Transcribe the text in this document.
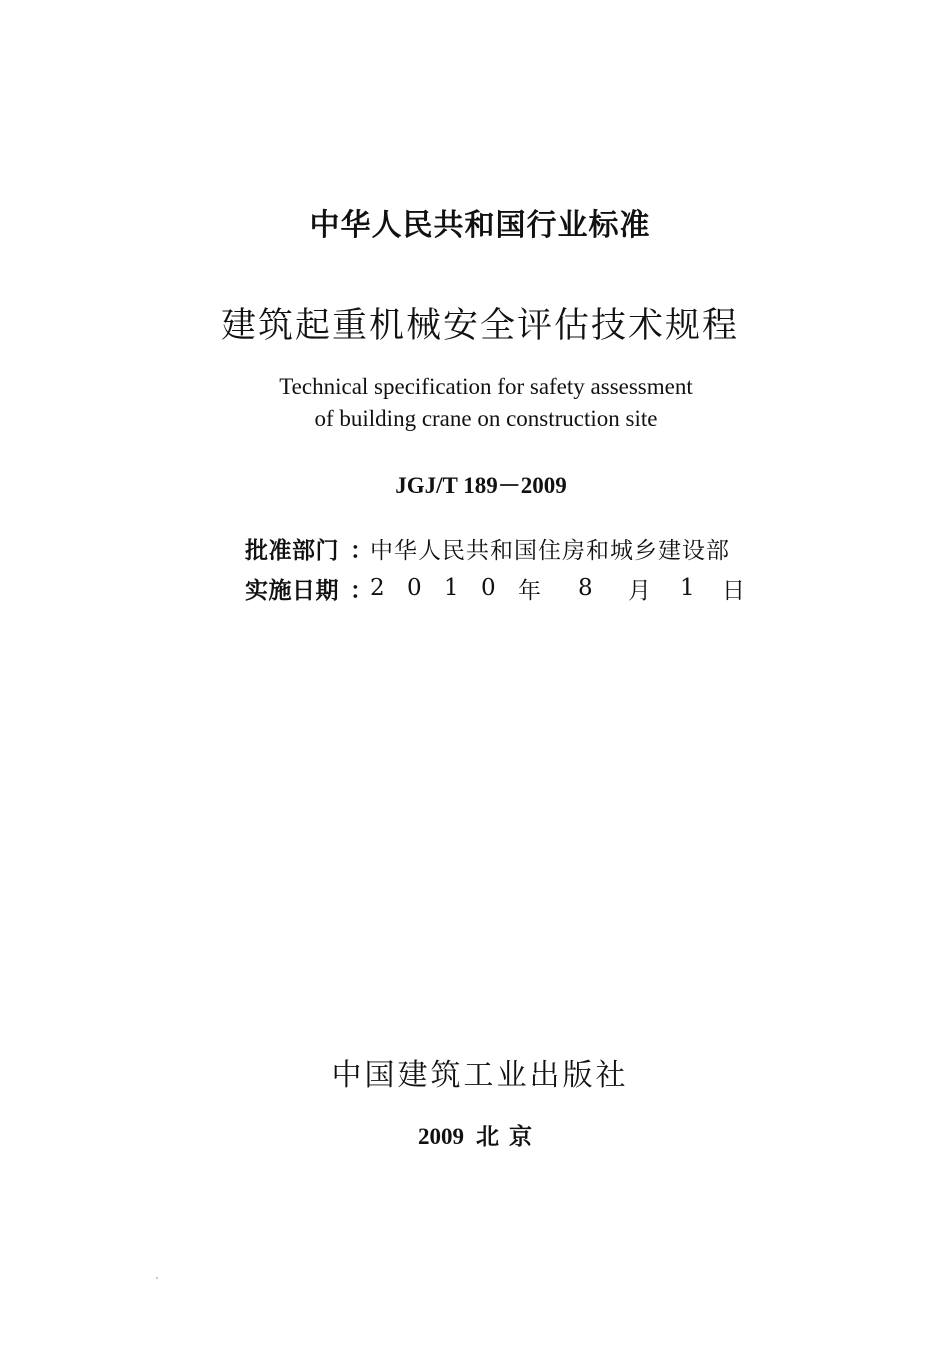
中华人民共和国行业标准
建筑起重机械安全评估技术规程
Technical specification for safety assessment
of building crane on construction site
JGJ/T 189－2009
批准部门 ：
中华人民共和国住房和城乡建设部
实施日期 ：
2 0 1 0 年	8	月	1	日
中国建筑工业出版社
2009 北京
